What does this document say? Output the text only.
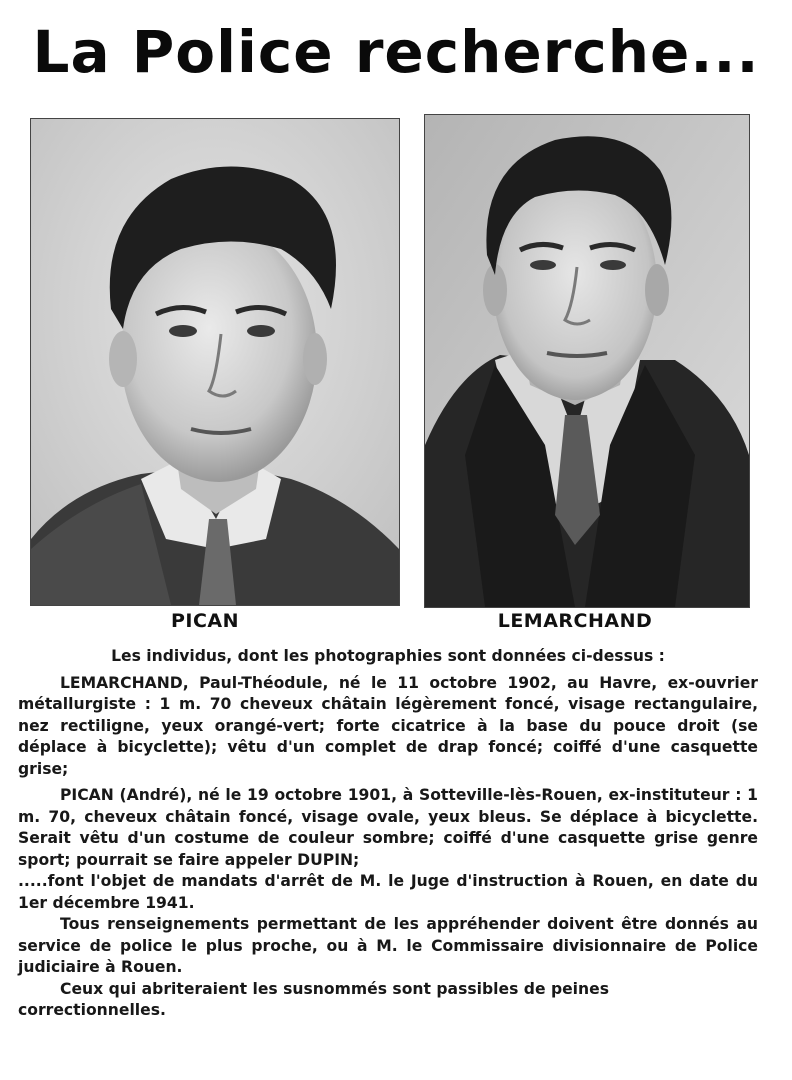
La Police recherche...
PICAN	LEMARCHAND

Les individus, dont les photographies sont données ci-dessus :

LEMARCHAND, Paul-Théodule, né le 11 octobre 1902, au Havre, ex-ouvrier métallurgiste : 1 m. 70 cheveux châtain légèrement foncé, visage rectangulaire, nez rectiligne, yeux orangé-vert; forte cicatrice à la base du pouce droit (se déplace à bicyclette); vêtu d'un complet de drap foncé; coiffé d'une casquette grise;

PICAN (André), né le 19 octobre 1901, à Sotteville-lès-Rouen, ex-instituteur : 1 m. 70, cheveux châtain foncé, visage ovale, yeux bleus. Se déplace à bicyclette. Serait vêtu d'un costume de couleur sombre; coiffé d'une casquette grise genre sport; pourrait se faire appeler DUPIN;

.....font l'objet de mandats d'arrêt de M. le Juge d'instruction à Rouen, en date du 1er décembre 1941.

Tous renseignements permettant de les appréhender doivent être donnés au service de police le plus proche, ou à M. le Commissaire divisionnaire de Police judiciaire à Rouen.

Ceux qui abriteraient les susnommés sont passibles de peines correctionnelles.
